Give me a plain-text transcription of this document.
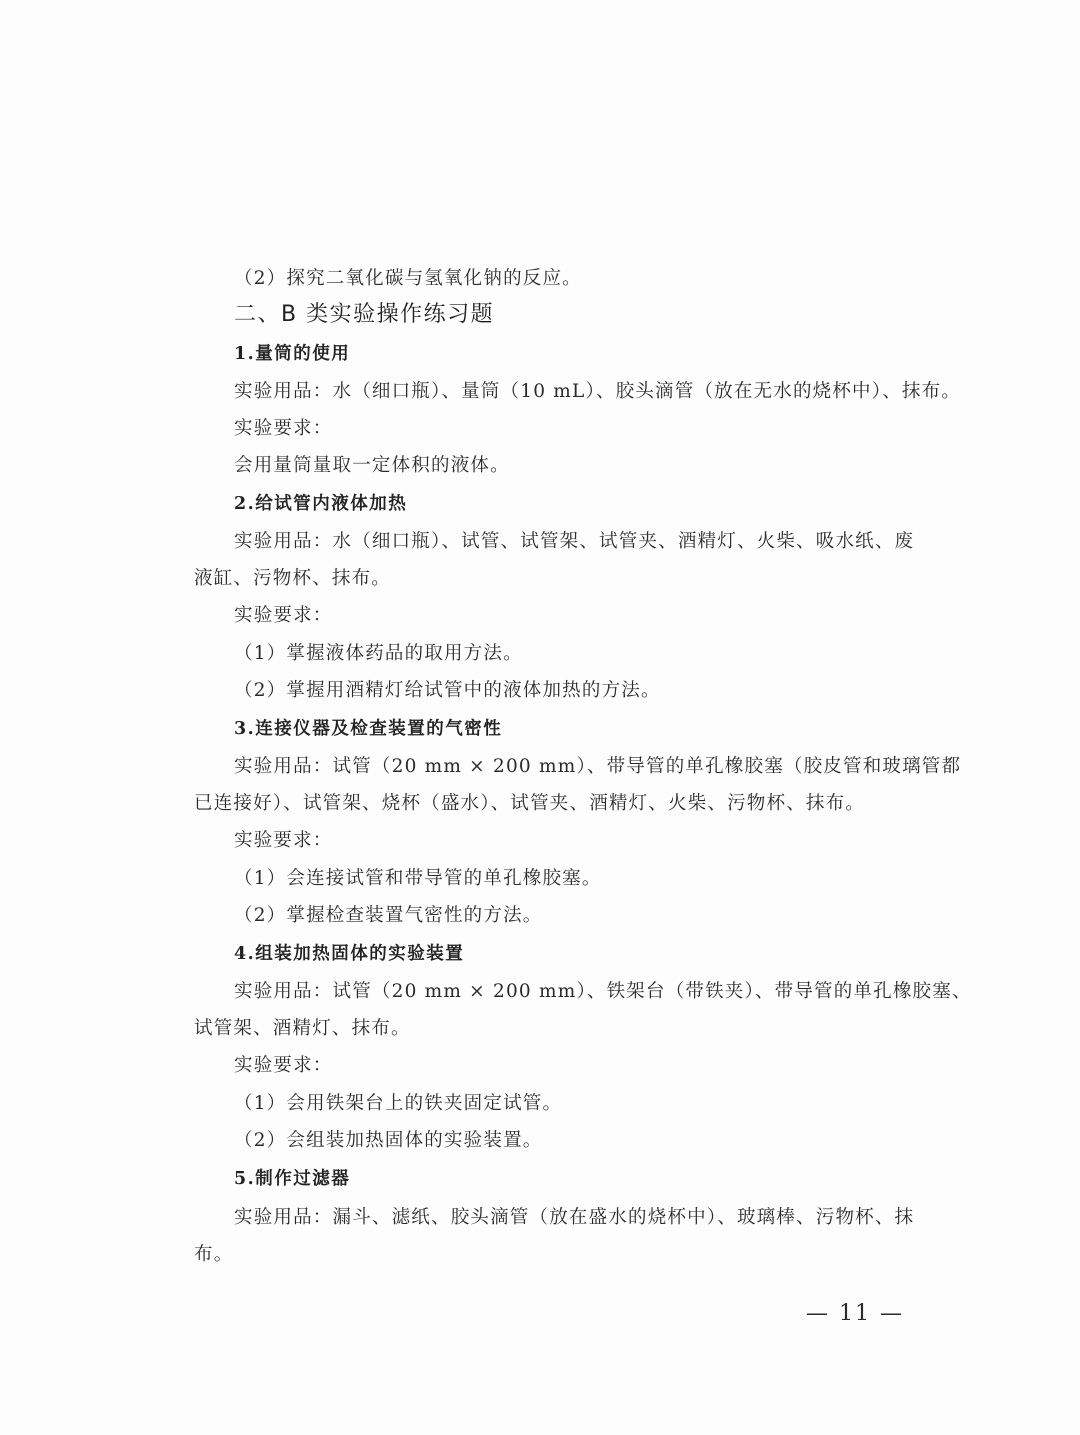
（2）探究二氧化碳与氢氧化钠的反应。
二、B 类实验操作练习题
1.量筒的使用
实验用品：水（细口瓶）、量筒（10 mL）、胶头滴管（放在无水的烧杯中）、抹布。
实验要求：
会用量筒量取一定体积的液体。
2.给试管内液体加热
实验用品：水（细口瓶）、试管、试管架、试管夹、酒精灯、火柴、吸水纸、废
液缸、污物杯、抹布。
实验要求：
（1）掌握液体药品的取用方法。
（2）掌握用酒精灯给试管中的液体加热的方法。
3.连接仪器及检查装置的气密性
实验用品：试管（20 mm × 200 mm）、带导管的单孔橡胶塞（胶皮管和玻璃管都
已连接好）、试管架、烧杯（盛水）、试管夹、酒精灯、火柴、污物杯、抹布。
实验要求：
（1）会连接试管和带导管的单孔橡胶塞。
（2）掌握检查装置气密性的方法。
4.组装加热固体的实验装置
实验用品：试管（20 mm × 200 mm）、铁架台（带铁夹）、带导管的单孔橡胶塞、
试管架、酒精灯、抹布。
实验要求：
（1）会用铁架台上的铁夹固定试管。
（2）会组装加热固体的实验装置。
5.制作过滤器
实验用品：漏斗、滤纸、胶头滴管（放在盛水的烧杯中）、玻璃棒、污物杯、抹
布。
— 11 —
